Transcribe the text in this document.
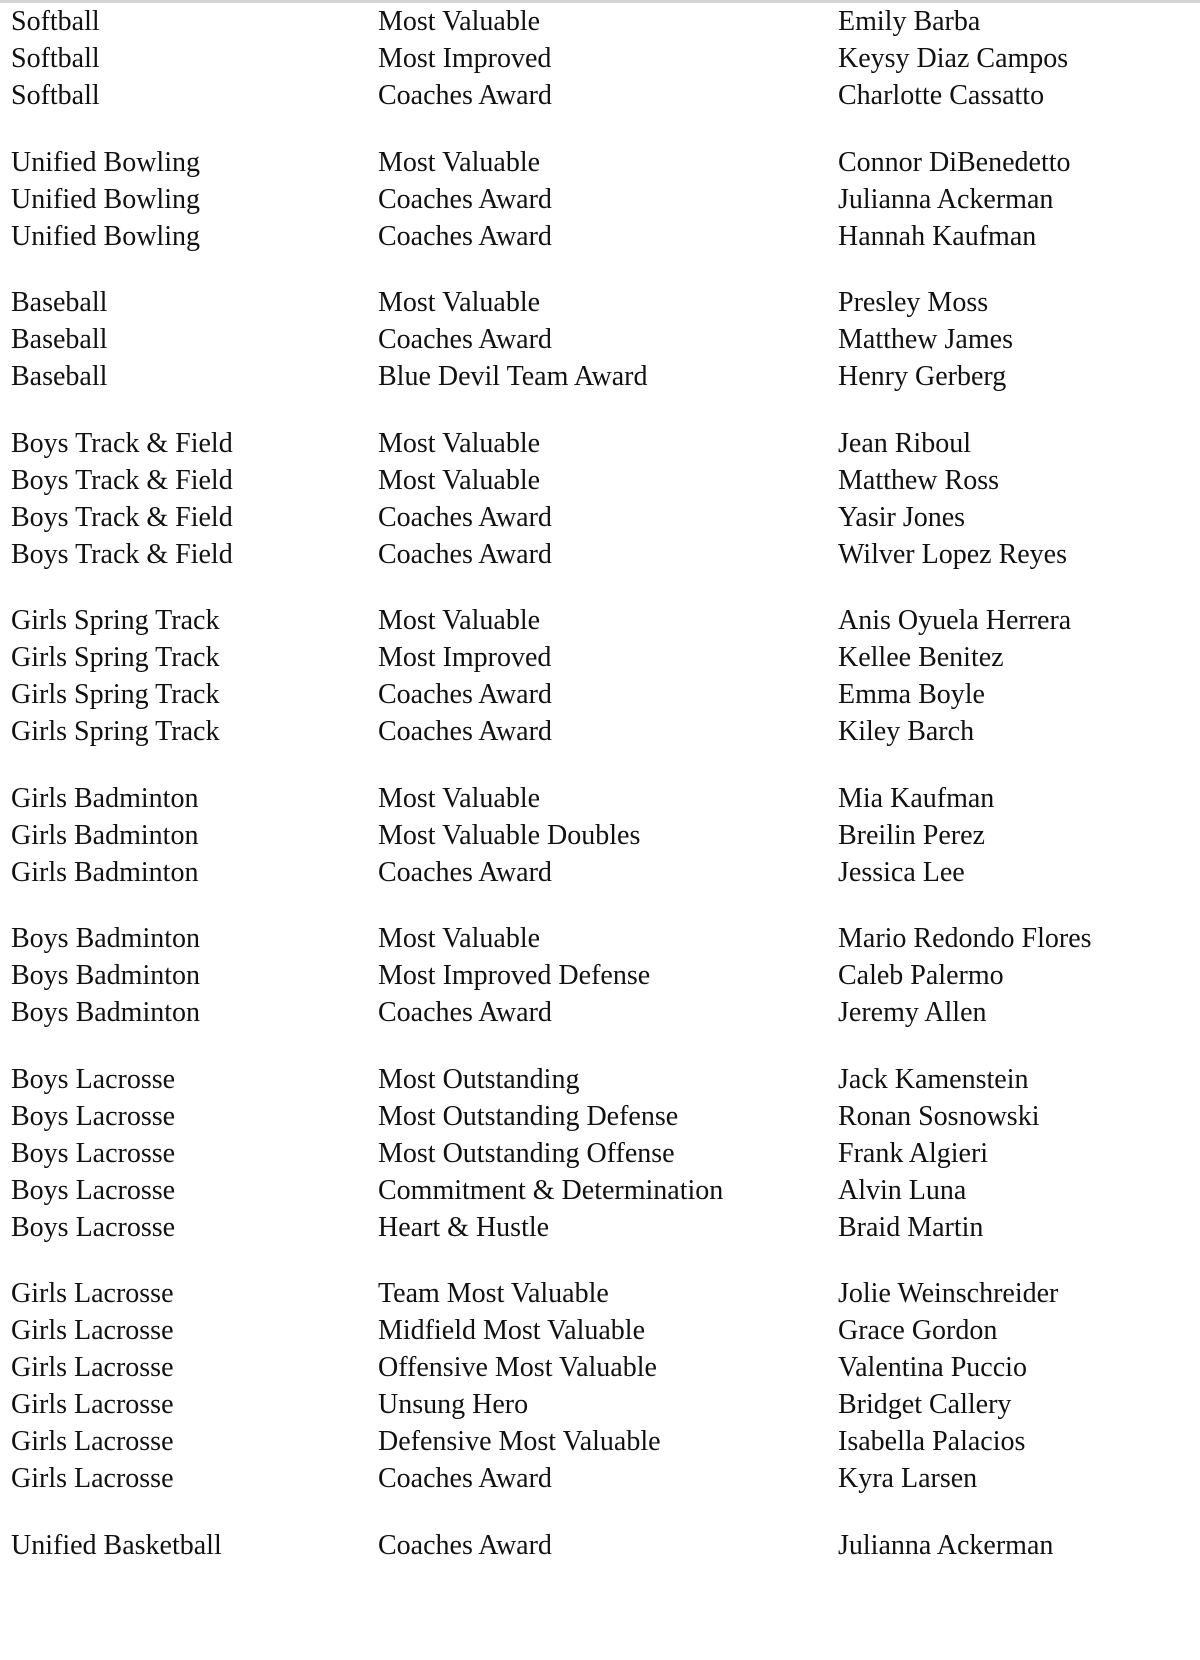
Softball	Most Valuable	Emily Barba
Softball	Most Improved	Keysy Diaz Campos
Softball	Coaches Award	Charlotte Cassatto
Unified Bowling	Most Valuable	Connor DiBenedetto
Unified Bowling	Coaches Award	Julianna Ackerman
Unified Bowling	Coaches Award	Hannah Kaufman
Baseball	Most Valuable	Presley Moss
Baseball	Coaches Award	Matthew James
Baseball	Blue Devil Team Award	Henry Gerberg
Boys Track & Field	Most Valuable	Jean Riboul
Boys Track & Field	Most Valuable	Matthew Ross
Boys Track & Field	Coaches Award	Yasir Jones
Boys Track & Field	Coaches Award	Wilver Lopez Reyes
Girls Spring Track	Most Valuable	Anis Oyuela Herrera
Girls Spring Track	Most Improved	Kellee Benitez
Girls Spring Track	Coaches Award	Emma Boyle
Girls Spring Track	Coaches Award	Kiley Barch
Girls Badminton	Most Valuable	Mia Kaufman
Girls Badminton	Most Valuable Doubles	Breilin Perez
Girls Badminton	Coaches Award	Jessica Lee
Boys Badminton	Most Valuable	Mario Redondo Flores
Boys Badminton	Most Improved Defense	Caleb Palermo
Boys Badminton	Coaches Award	Jeremy Allen
Boys Lacrosse	Most Outstanding	Jack Kamenstein
Boys Lacrosse	Most Outstanding Defense	Ronan Sosnowski
Boys Lacrosse	Most Outstanding Offense	Frank Algieri
Boys Lacrosse	Commitment & Determination	Alvin Luna
Boys Lacrosse	Heart & Hustle	Braid Martin
Girls Lacrosse	Team Most Valuable	Jolie Weinschreider
Girls Lacrosse	Midfield Most Valuable	Grace Gordon
Girls Lacrosse	Offensive Most Valuable	Valentina Puccio
Girls Lacrosse	Unsung Hero	Bridget Callery
Girls Lacrosse	Defensive Most Valuable	Isabella Palacios
Girls Lacrosse	Coaches Award	Kyra Larsen
Unified Basketball	Coaches Award	Julianna Ackerman
